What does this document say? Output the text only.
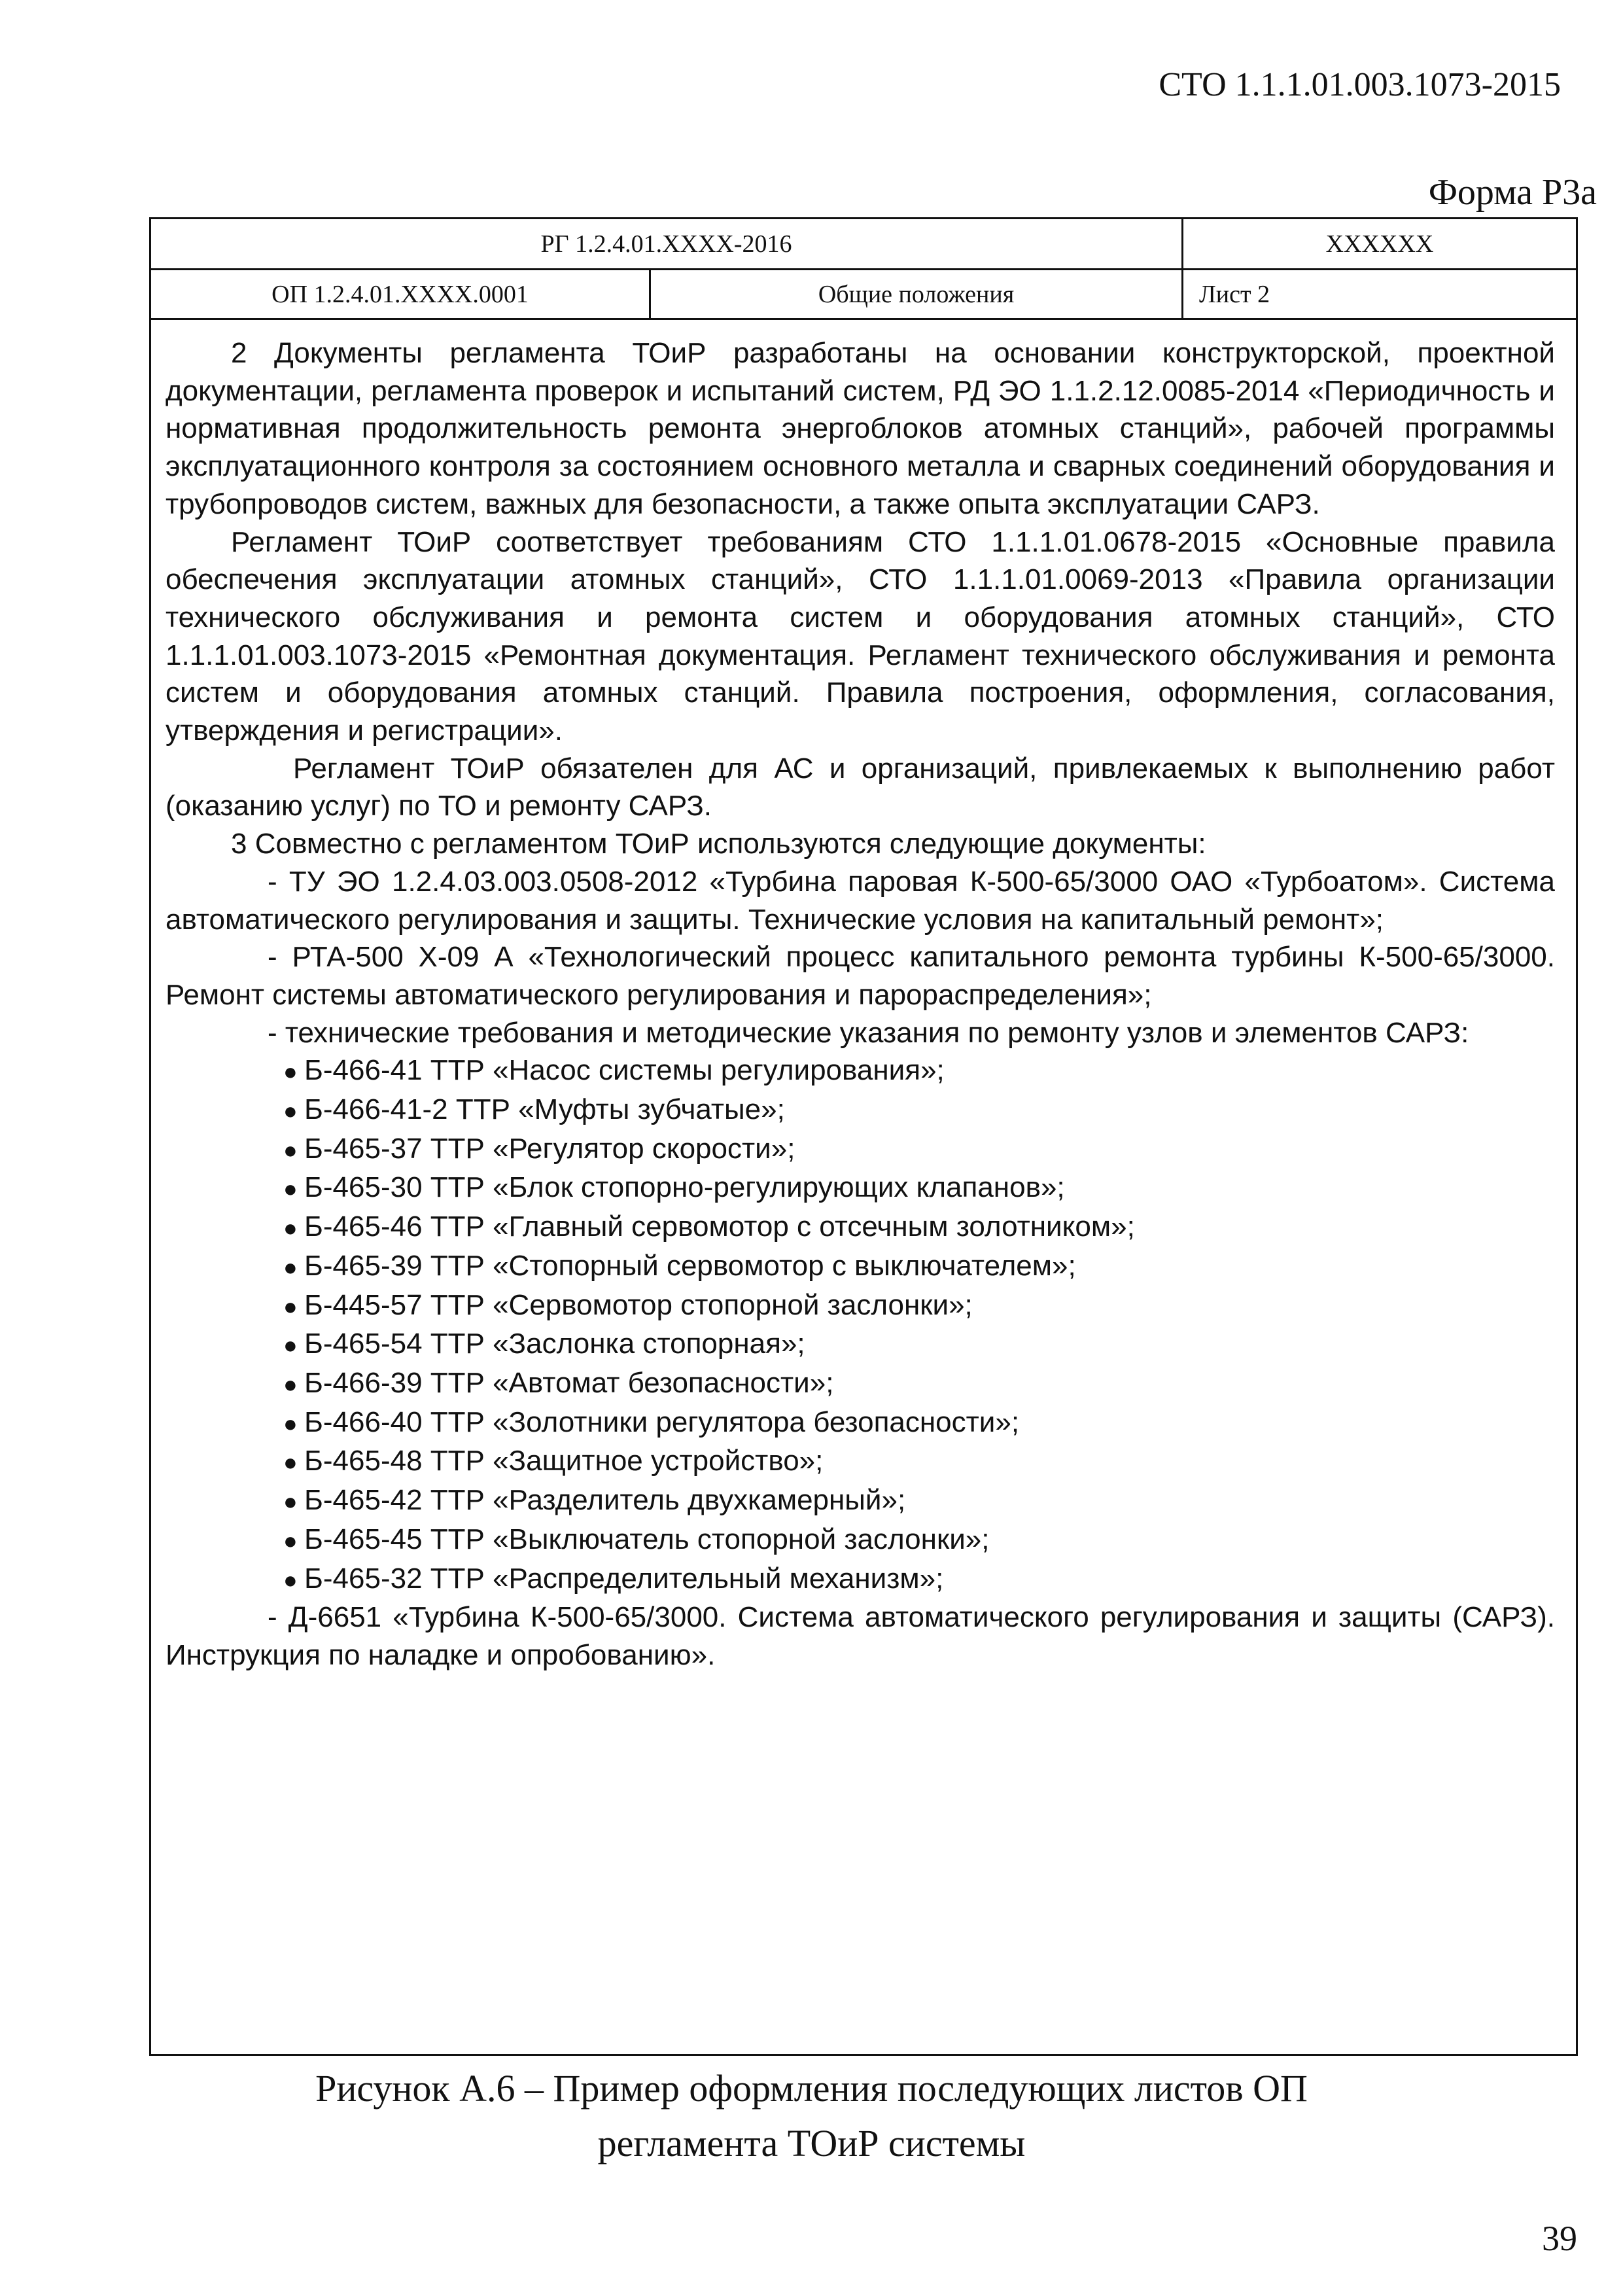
СТО 1.1.1.01.003.1073-2015
Форма Р3а
РГ 1.2.4.01.XXXX-2016	XXXXXX
ОП 1.2.4.01.XXXX.0001	Общие положения	Лист 2

2 Документы регламента ТОиР разработаны на основании конструкторской, проектной документации, регламента проверок и испытаний систем, РД ЭО 1.1.2.12.0085-2014 «Периодичность и нормативная продолжительность ремонта энергоблоков атомных станций», рабочей программы эксплуатационного контроля за состоянием основного металла и сварных соединений оборудования и трубопроводов систем, важных для безопасности, а также опыта эксплуатации САРЗ.

Регламент ТОиР соответствует требованиям СТО 1.1.1.01.0678-2015 «Основные правила обеспечения эксплуатации атомных станций», СТО 1.1.1.01.0069-2013 «Правила организации технического обслуживания и ремонта систем и оборудования атомных станций», СТО 1.1.1.01.003.1073-2015 «Ремонтная документация. Регламент технического обслуживания и ремонта систем и оборудования атомных станций. Правила построения, оформления, согласования, утверждения и регистрации».

Регламент ТОиР обязателен для АС и организаций, привлекаемых к выполнению работ (оказанию услуг) по ТО и ремонту САРЗ.

3 Совместно с регламентом ТОиР используются следующие документы:

- ТУ ЭО 1.2.4.03.003.0508-2012 «Турбина паровая К-500-65/3000 ОАО «Турбоатом». Система автоматического регулирования и защиты. Технические условия на капитальный ремонт»;

- РТА-500 Х-09 А «Технологический процесс капитального ремонта турбины К-500-65/3000. Ремонт системы автоматического регулирования и парораспределения»;

- технические требования и методические указания по ремонту узлов и элементов САРЗ:

● Б-466-41 ТТР «Насос системы регулирования»;
● Б-466-41-2 ТТР «Муфты зубчатые»;
● Б-465-37 ТТР «Регулятор скорости»;
● Б-465-30 ТТР «Блок стопорно-регулирующих клапанов»;
● Б-465-46 ТТР «Главный сервомотор с отсечным золотником»;
● Б-465-39 ТТР «Стопорный сервомотор с выключателем»;
● Б-445-57 ТТР «Сервомотор стопорной заслонки»;
● Б-465-54 ТТР «Заслонка стопорная»;
● Б-466-39 ТТР «Автомат безопасности»;
● Б-466-40 ТТР «Золотники регулятора безопасности»;
● Б-465-48 ТТР «Защитное устройство»;
● Б-465-42 ТТР «Разделитель двухкамерный»;
● Б-465-45 ТТР «Выключатель стопорной заслонки»;
● Б-465-32 ТТР «Распределительный механизм»;

- Д-6651 «Турбина К-500-65/3000. Система автоматического регулирования и защиты (САРЗ). Инструкция по наладке и опробованию».

Рисунок А.6 – Пример оформления последующих листов ОП
регламента ТОиР системы
39
